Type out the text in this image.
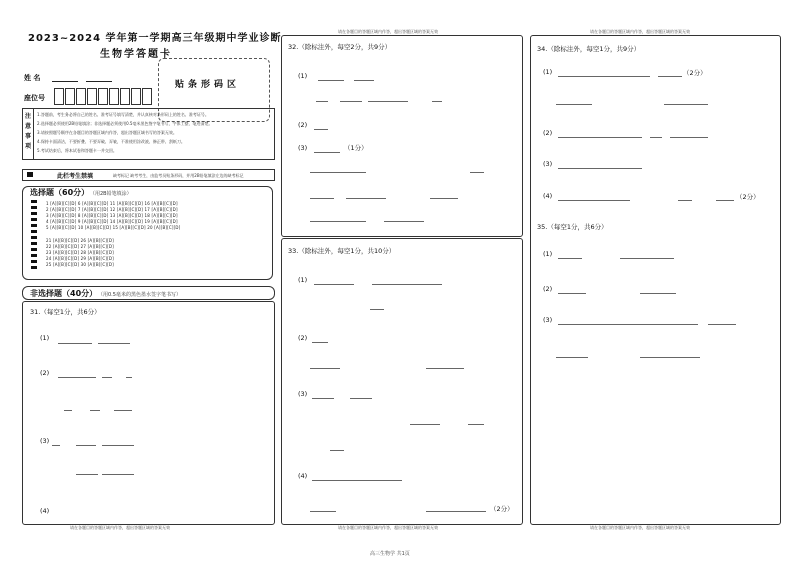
2023~2024 学年第一学期高三年级期中学业诊断
生物学答题卡
姓 名
座位号
贴条形码区
注意事项
1.答题前，考生务必将自己的姓名、准考证号填写清楚，并认真核对条形码上的姓名、准考证号。
2.选择题必须使用2B铅笔填涂；非选择题必须使用0.5毫米黑色签字笔书写，字体工整，笔迹清楚。
3.请按照题号顺序在各题目的答题区域内作答，超出答题区域书写的答案无效。
4.保持卡面清洁，不要折叠、不要弄破、弄皱，不准使用涂改液、修正带、刮纸刀。
5.考试结束后，将本试卷和答题卡一并交回。
此栏考生禁填	缺考标记 缺考考生，由监考员贴条形码，并用2B铅笔填涂左边的缺考标记
选择题（60分） （用2B铅笔填涂）
1 [A][B][C][D] 6 [A][B][C][D] 11 [A][B][C][D] 16 [A][B][C][D]
2 [A][B][C][D] 7 [A][B][C][D] 12 [A][B][C][D] 17 [A][B][C][D]
3 [A][B][C][D] 8 [A][B][C][D] 13 [A][B][C][D] 18 [A][B][C][D]
4 [A][B][C][D] 9 [A][B][C][D] 14 [A][B][C][D] 19 [A][B][C][D]
5 [A][B][C][D] 10 [A][B][C][D] 15 [A][B][C][D] 20 [A][B][C][D]
21 [A][B][C][D] 26 [A][B][C][D]
22 [A][B][C][D] 27 [A][B][C][D]
23 [A][B][C][D] 28 [A][B][C][D]
24 [A][B][C][D] 29 [A][B][C][D]
25 [A][B][C][D] 30 [A][B][C][D]
非选择题（40分） （用0.5毫米的黑色墨水签字笔书写）
31.（每空1分，共6分）
(1)
(2)
(3)
(4)
请在各题目的答题区域内作答，超出答题区域的答案无效
请在各题目的答题区域内作答，超出答题区域的答案无效
32.（除标注外，每空2分，共9分）
(1)
(2)
(3)	（1分）
33.（除标注外，每空1分，共10分）
(1)
(2)
(3)
(4)
（2分）
请在各题目的答题区域内作答，超出答题区域的答案无效
请在各题目的答题区域内作答，超出答题区域的答案无效
34.（除标注外，每空1分，共9分）
(1)	（2分）
(2)
(3)
(4)	（2分）
35.（每空1分，共6分）
(1)
(2)
(3)
请在各题目的答题区域内作答，超出答题区域的答案无效
高三生物学 共1页
